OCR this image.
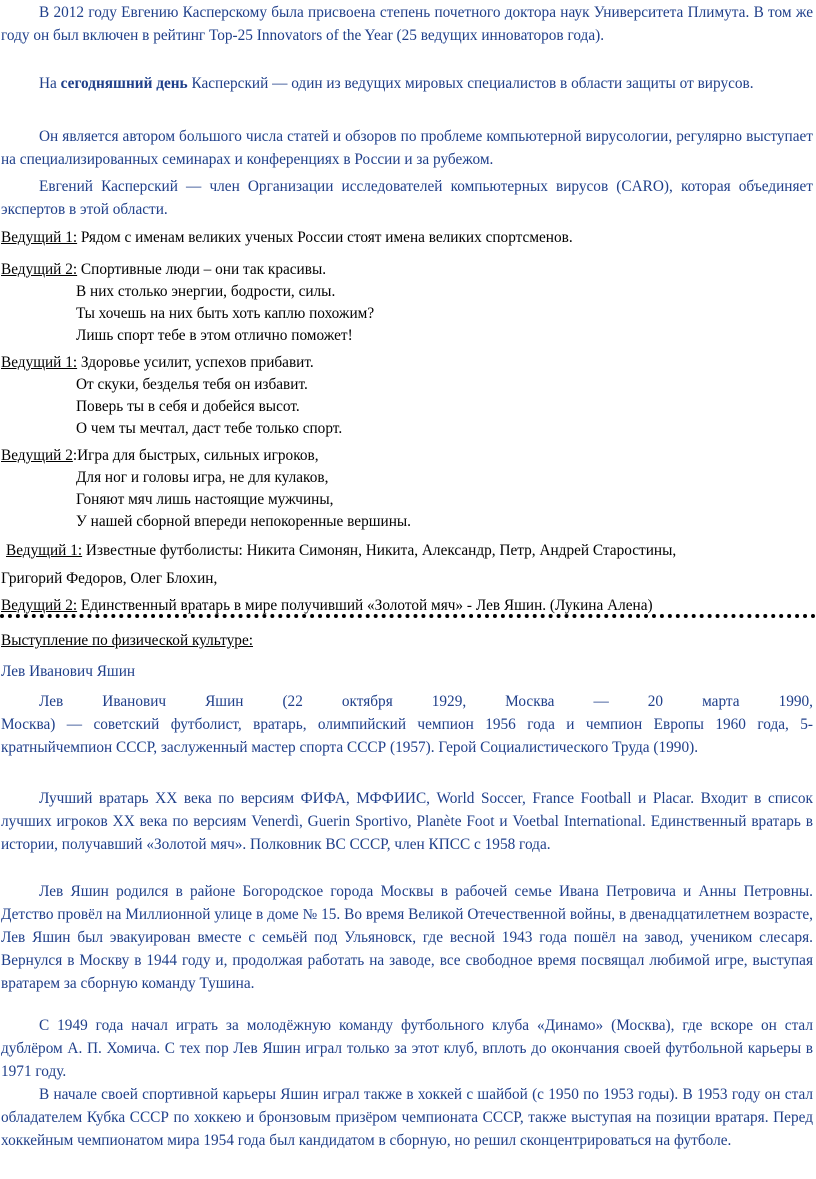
В 2012 году Евгению Касперскому была присвоена степень почетного доктора наук Университета Плимута. В том же году он был включен в рейтинг Top-25 Innovators of the Year (25 ведущих инноваторов года).

На сегодняшний день Касперский — один из ведущих мировых специалистов в области защиты от вирусов.

Он является автором большого числа статей и обзоров по проблеме компьютерной вирусологии, регулярно выступает на специализированных семинарах и конференциях в России и за рубежом.

Евгений Касперский — член Организации исследователей компьютерных вирусов (CARO), которая объединяет экспертов в этой области.

Ведущий 1: Рядом с именам великих ученых России стоят имена великих спортсменов.

Ведущий 2: Спортивные люди – они так красивы.

В них столько энергии, бодрости, силы.

Ты хочешь на них быть хоть каплю похожим?

Лишь спорт тебе в этом отлично поможет!

Ведущий 1: Здоровье усилит, успехов прибавит.

От скуки, безделья тебя он избавит.

Поверь ты в себя и добейся высот.

О чем ты мечтал, даст тебе только спорт.

Ведущий 2:Игра для быстрых, сильных игроков,

Для ног и головы игра, не для кулаков,

Гоняют мяч лишь настоящие мужчины,

У нашей сборной впереди непокоренные вершины.

Ведущий 1: Известные футболисты: Никита Симонян, Никита, Александр, Петр, Андрей Старостины,

Григорий Федоров, Олег Блохин,

Ведущий 2: Единственный вратарь в мире получивший «Золотой мяч» - Лев Яшин. (Лукина Алена)

Выступление по физической культуре:

Лев Иванович Яшин

Лев Иванович Яшин (22 октября 1929, Москва — 20 марта 1990,

Москва) — советский футболист, вратарь, олимпийский чемпион 1956 года и чемпион Европы 1960 года, 5-кратныйчемпион СССР, заслуженный мастер спорта СССР (1957). Герой Социалистического Труда (1990).

Лучший вратарь XX века по версиям ФИФА, МФФИИС, World Soccer, France Football и Placar. Входит в список лучших игроков XX века по версиям Venerdì, Guerin Sportivo, Planète Foot и Voetbal International. Единственный вратарь в истории, получавший «Золотой мяч». Полковник ВС СССР, член КПСС с 1958 года.

Лев Яшин родился в районе Богородское города Москвы в рабочей семье Ивана Петровича и Анны Петровны. Детство провёл на Миллионной улице в доме № 15. Во время Великой Отечественной войны, в двенадцатилетнем возрасте, Лев Яшин был эвакуирован вместе с семьёй под Ульяновск, где весной 1943 года пошёл на завод, учеником слесаря. Вернулся в Москву в 1944 году и, продолжая работать на заводе, все свободное время посвящал любимой игре, выступая вратарем за сборную команду Тушина.

С 1949 года начал играть за молодёжную команду футбольного клуба «Динамо» (Москва), где вскоре он стал дублёром А. П. Хомича. С тех пор Лев Яшин играл только за этот клуб, вплоть до окончания своей футбольной карьеры в 1971 году.

В начале своей спортивной карьеры Яшин играл также в хоккей с шайбой (с 1950 по 1953 годы). В 1953 году он стал обладателем Кубка СССР по хоккею и бронзовым призёром чемпионата СССР, также выступая на позиции вратаря. Перед хоккейным чемпионатом мира 1954 года был кандидатом в сборную, но решил сконцентрироваться на футболе.
